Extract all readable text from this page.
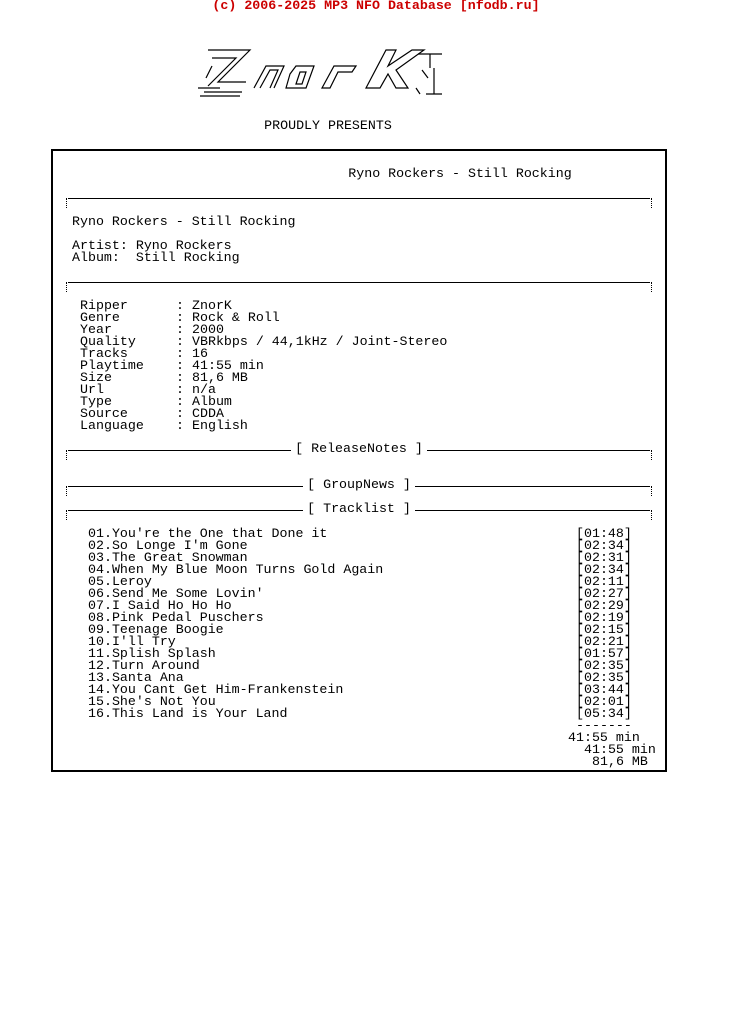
(c) 2006-2025 MP3 NFO Database [nfodb.ru]
PROUDLY PRESENTS
Ryno Rockers - Still Rocking
Ryno Rockers - Still Rocking
Artist: Ryno Rockers
Album:  Still Rocking
Ripper	: ZnorK
Genre	: Rock & Roll
Year	: 2000
Quality	: VBRkbps / 44,1kHz / Joint-Stereo
Tracks	: 16
Playtime : 41:55 min
Size	: 81,6 MB
Url	: n/a
Type	: Album
Source	: CDDA
Language : English
[ ReleaseNotes ]
[ GroupNews ]
[ Tracklist ]
01.You're the One that Done it	[01:48]
02.So Longe I'm Gone	[02:34]
03.The Great Snowman	[02:31]
04.When My Blue Moon Turns Gold Again	[02:34]
05.Leroy	[02:11]
06.Send Me Some Lovin'	[02:27]
07.I Said Ho Ho Ho	[02:29]
08.Pink Pedal Puschers	[02:19]
09.Teenage Boogie	[02:15]
10.I'll Try	[02:21]
11.Splish Splash	[01:57]
12.Turn Around	[02:35]
13.Santa Ana	[02:35]
14.You Cant Get Him-Frankenstein	[03:44]
15.She's Not You	[02:01]
16.This Land is Your Land	[05:34]
-------
41:55 min
41:55 min
81,6 MB
